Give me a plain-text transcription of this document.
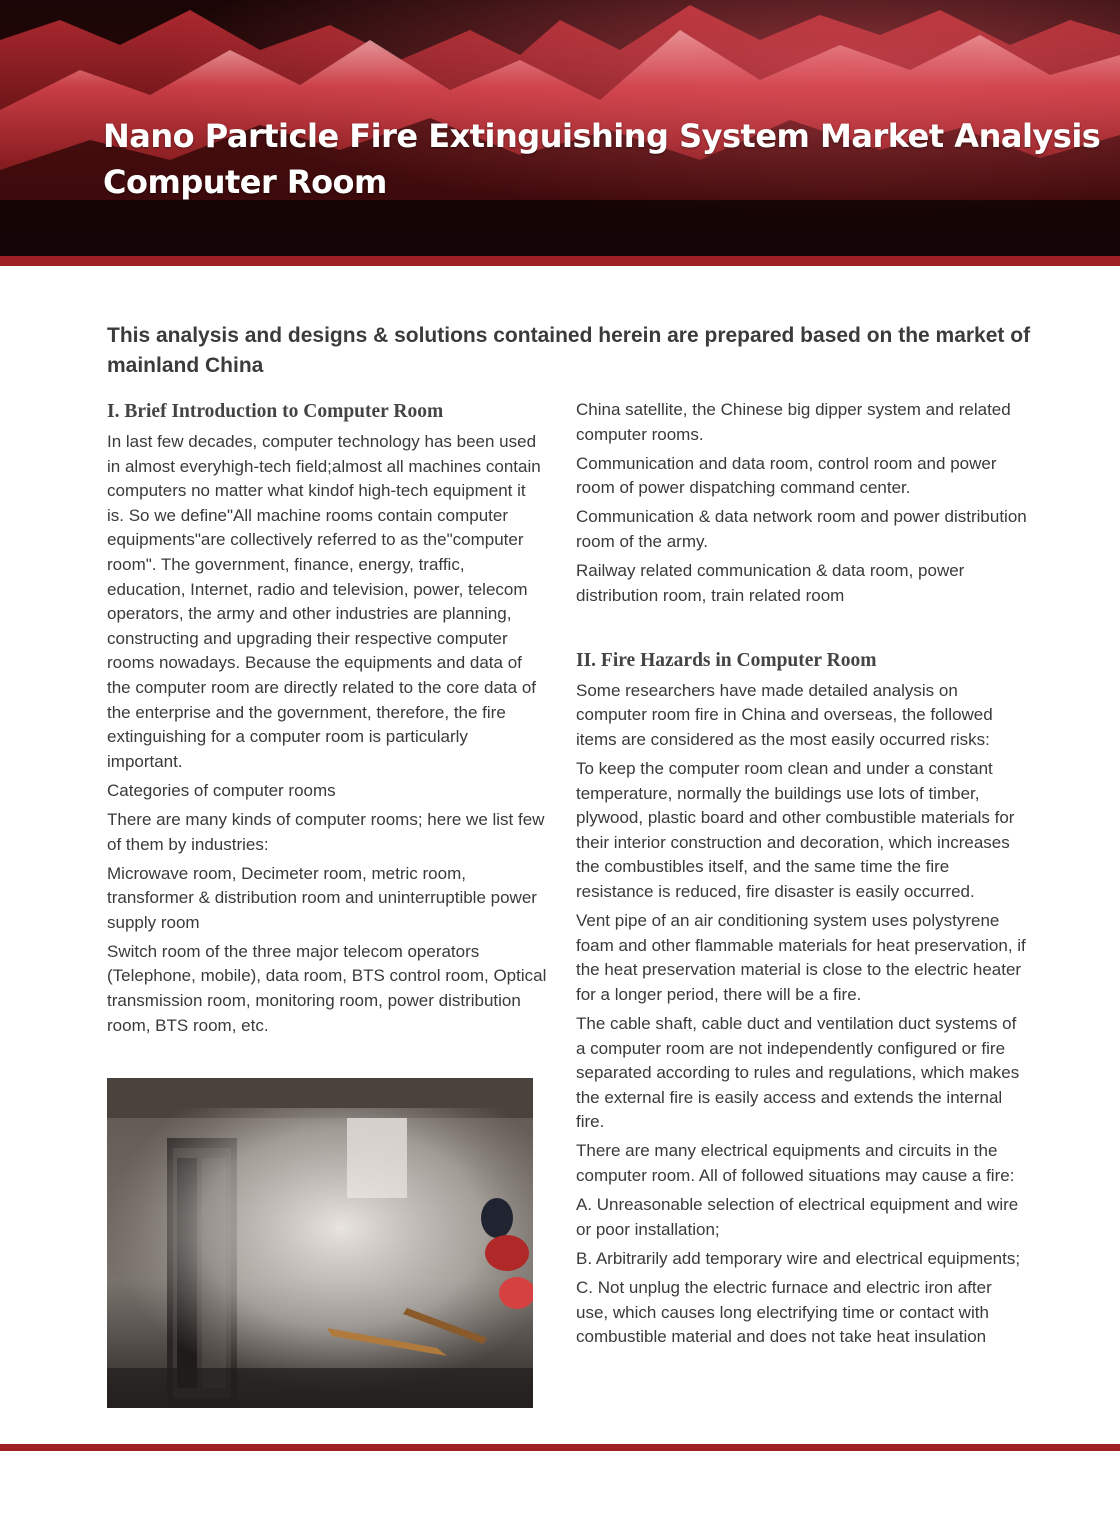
Nano Particle Fire Extinguishing System Market Analysis
Computer Room
This analysis and designs & solutions contained herein are prepared based on the market of mainland China
I. Brief Introduction to Computer Room

In last few decades, computer technology has been used in almost everyhigh-tech field;almost all machines contain computers no matter what kindof high-tech equipment it is. So we define"All machine rooms contain computer equipments"are collectively referred to as the"computer room". The government, finance, energy, traffic, education, Internet, radio and television, power, telecom operators, the army and other industries are planning, constructing and upgrading their respective computer rooms nowadays. Because the equipments and data of the computer room are directly related to the core data of the enterprise and the government, therefore, the fire extinguishing for a computer room is particularly important.

Categories of computer rooms

There are many kinds of computer rooms; here we list few of them by industries:

Microwave room, Decimeter room, metric room, transformer & distribution room and uninterruptible power supply room

Switch room of the three major telecom operators (Telephone, mobile), data room, BTS control room, Optical transmission room, monitoring room, power distribution room, BTS room, etc.

China satellite, the Chinese big dipper system and related computer rooms.

Communication and data room, control room and power room of power dispatching command center.

Communication & data network room and power distribution room of the army.

Railway related communication & data room, power distribution room, train related room

II. Fire Hazards in Computer Room

Some researchers have made detailed analysis on computer room fire in China and overseas, the followed items are considered as the most easily occurred risks:

To keep the computer room clean and under a constant temperature, normally the buildings use lots of timber, plywood, plastic board and other combustible materials for their interior construction and decoration, which increases the combustibles itself, and the same time the fire resistance is reduced, fire disaster is easily occurred.

Vent pipe of an air conditioning system uses polystyrene foam and other flammable materials for heat preservation, if the heat preservation material is close to the electric heater for a longer period, there will be a fire.

The cable shaft, cable duct and ventilation duct systems of a computer room are not independently configured or fire separated according to rules and regulations, which makes the external fire is easily access and extends the internal fire.

There are many electrical equipments and circuits in the computer room. All of followed situations may cause a fire:

A. Unreasonable selection of electrical equipment and wire or poor installation;

B. Arbitrarily add temporary wire and electrical equipments;

C. Not unplug the electric furnace and electric iron after use, which causes long electrifying time or contact with combustible material and does not take heat insulation
